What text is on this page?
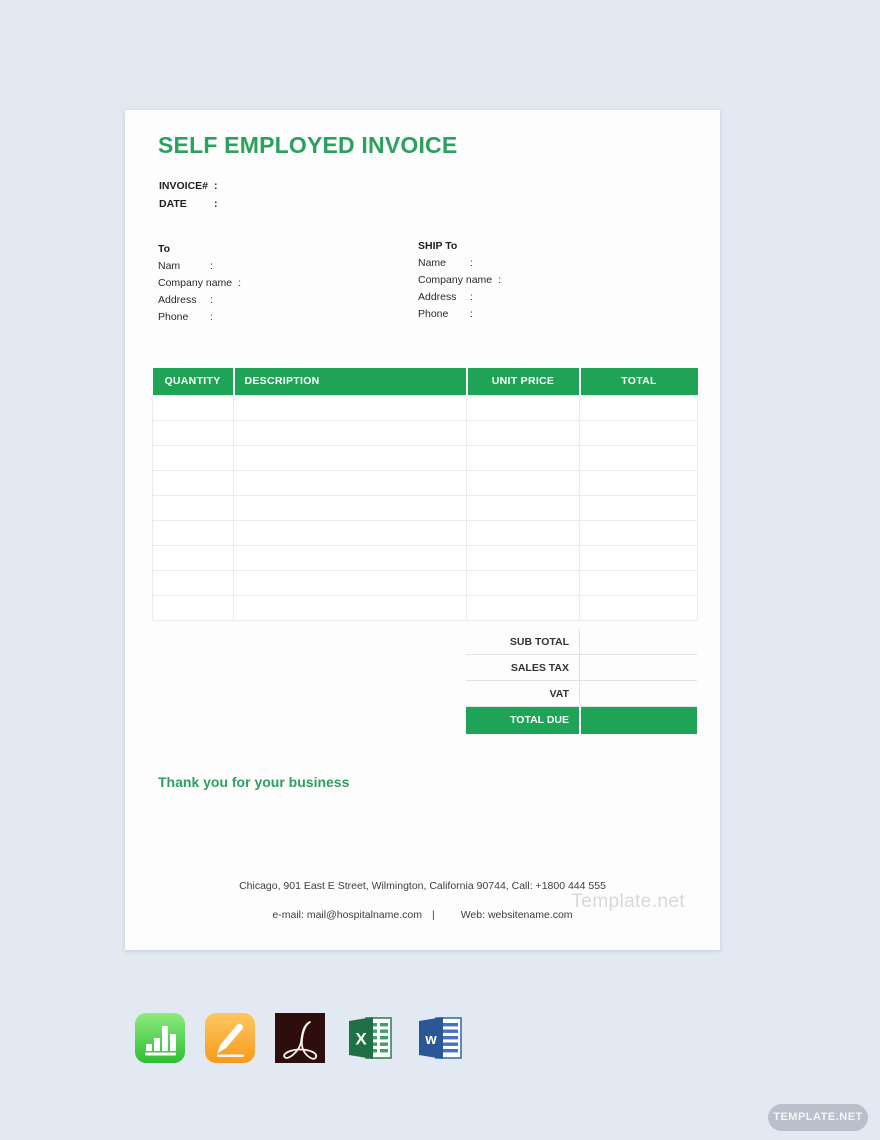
SELF EMPLOYED INVOICE
INVOICE# :
DATE	:
To
Nam	:
Company name :
Address :
Phone :
SHIP To
Name :
Company name :
Address :
Phone :
QUANTITY	DESCRIPTION	UNIT PRICE	TOTAL

SUB TOTAL
SALES TAX
VAT
TOTAL DUE
Thank you for your business
Chicago, 901 East E Street, Wilmington, California 90744, Call: +1800 444 555
e-mail: mail@hospitalname.com | Web: websitename.com
Template.net
X	w
TEMPLATE.NET
